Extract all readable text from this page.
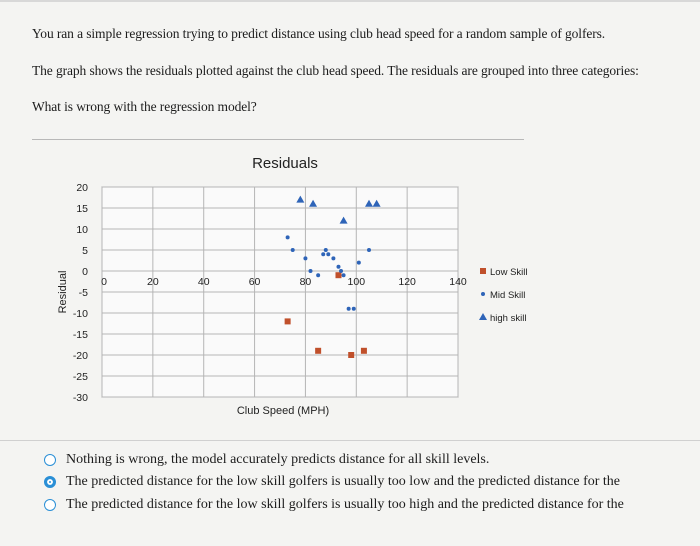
You ran a simple regression trying to predict distance using club head speed for a random sample of golfers.
The graph shows the residuals plotted against the club head speed. The residuals are grouped into three categories:
What is wrong with the regression model?
Residuals
20
15
10
5
0
-5
-10
-15
-20
-25
-30
0	20	40	60	80	100	120	140
Residual
Club Speed (MPH)
Low Skill
Mid Skill
high skill
Nothing is wrong, the model accurately predicts distance for all skill levels.
The predicted distance for the low skill golfers is usually too low and the predicted distance for the
The predicted distance for the low skill golfers is usually too high and the predicted distance for the
